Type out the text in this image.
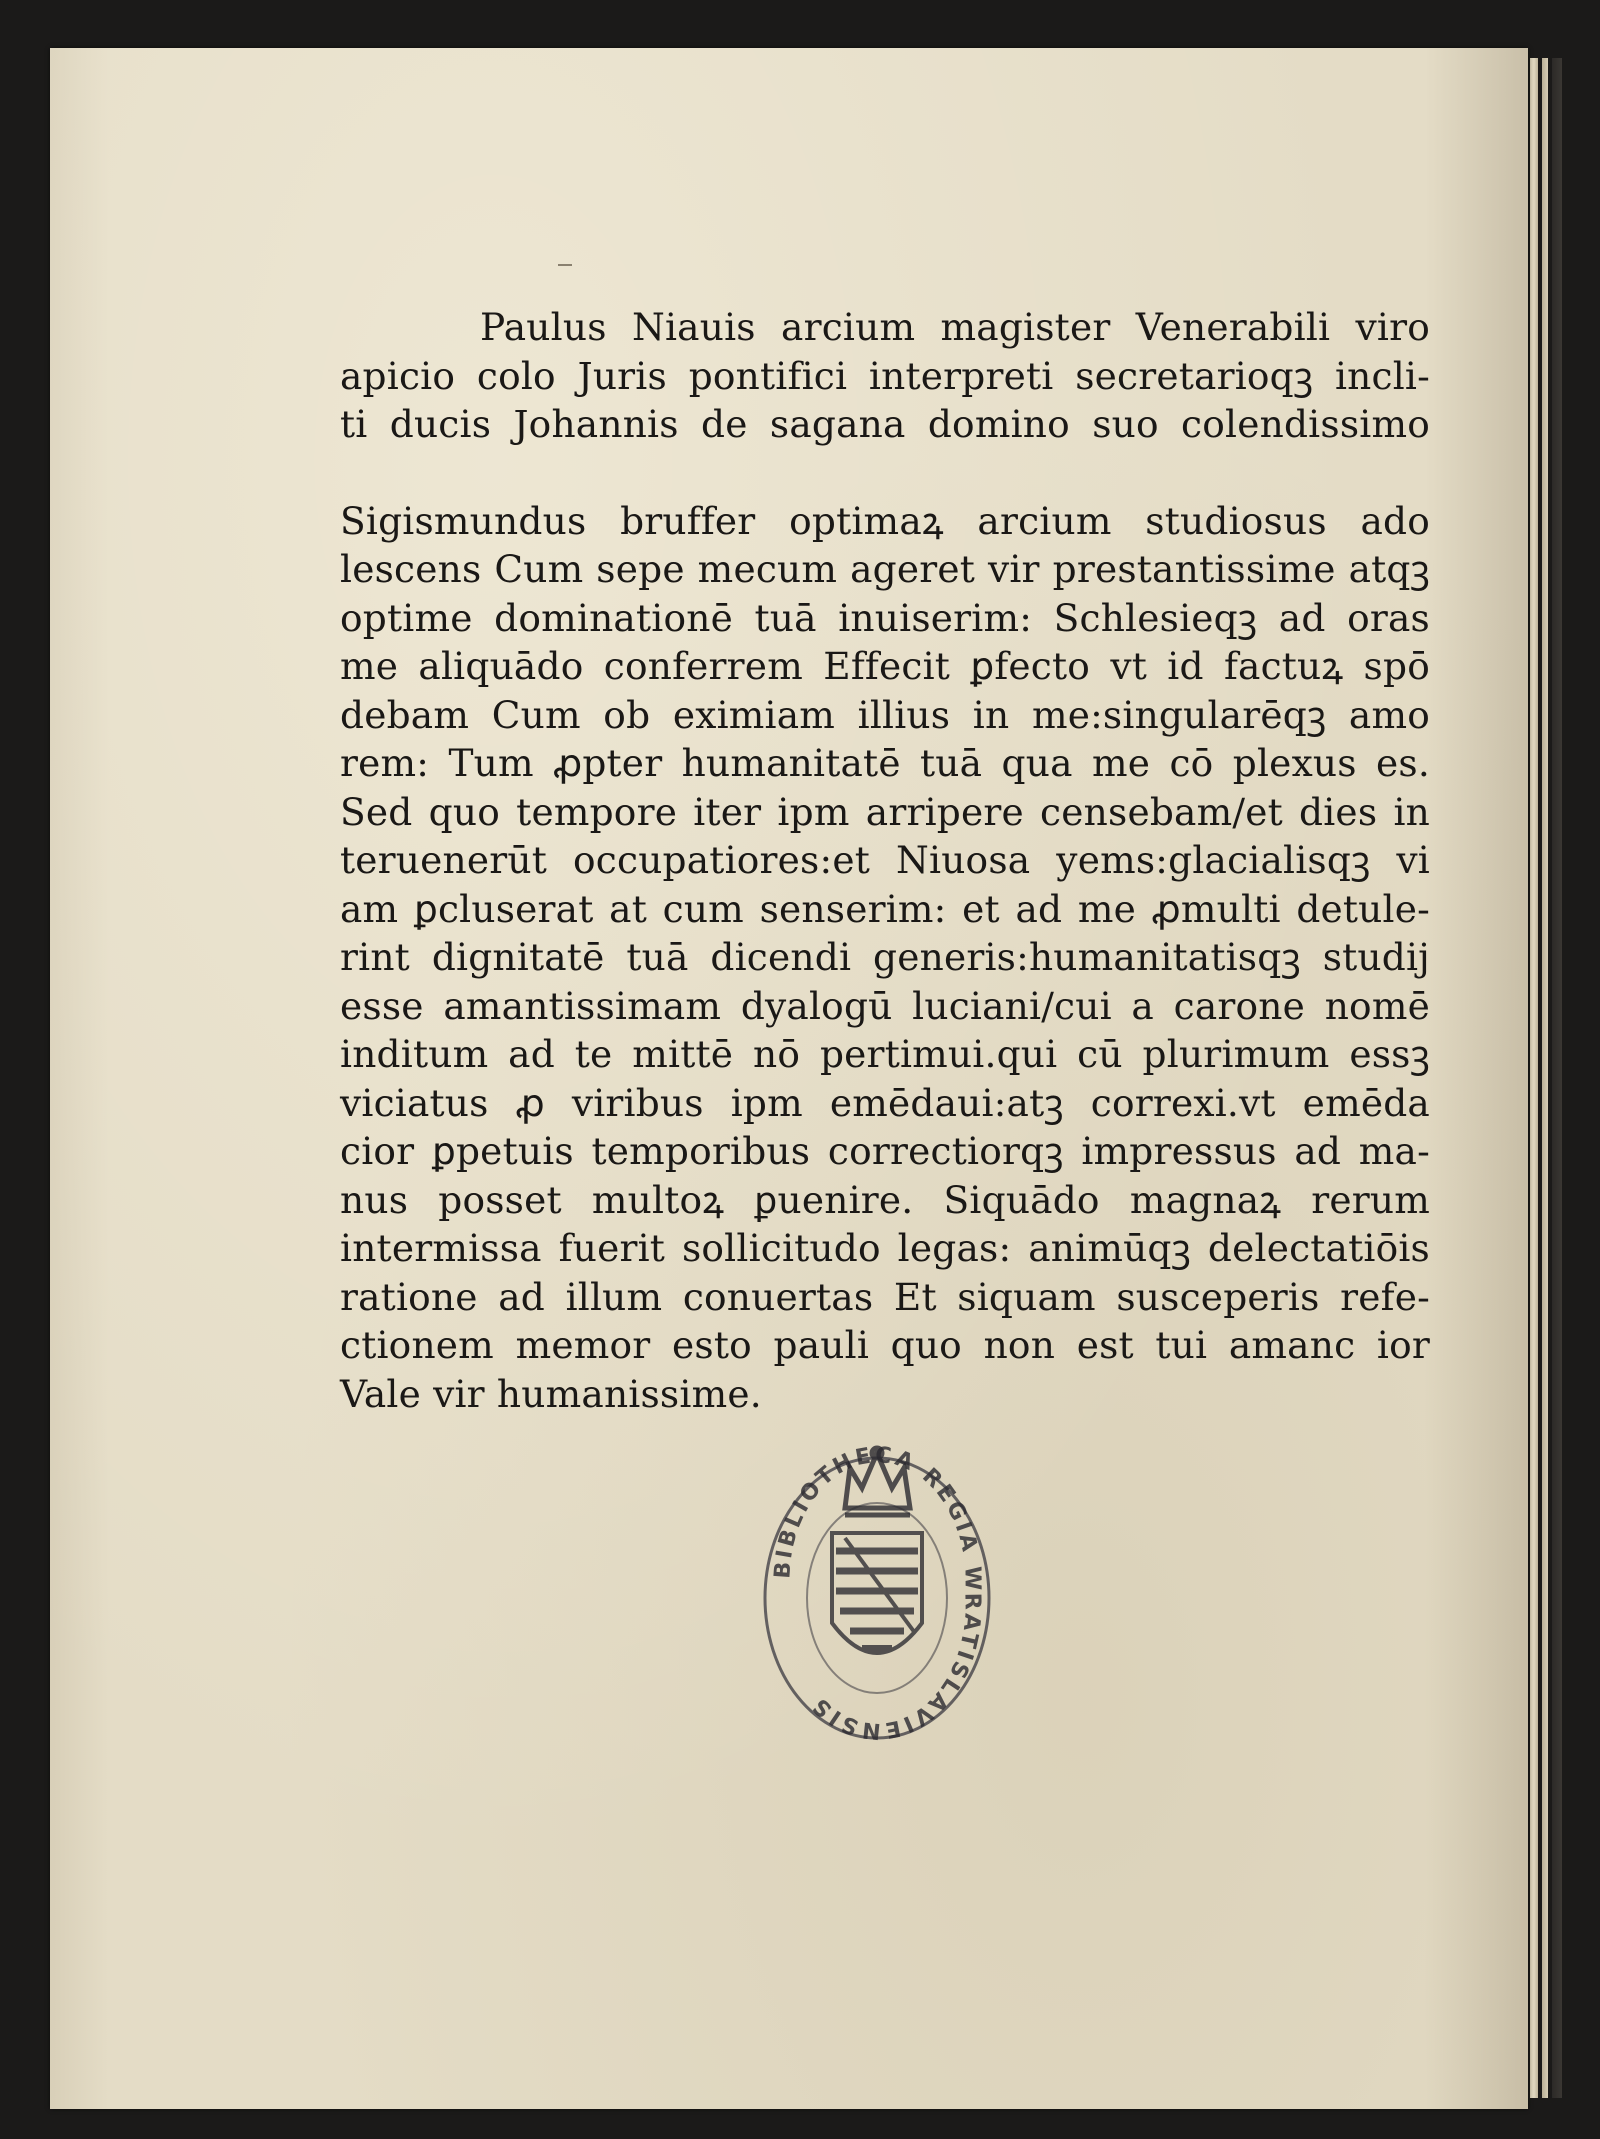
Paulus Niauis arcium magister Venerabili viro
apicio colo Juris pontifici interpreti secretarioqꝫ incli-
ti ducis Johannis de sagana domino suo colendissimo
Sigismundus bruffer optimaꝝ arcium studiosus ado
lescens Cum sepe mecum ageret vir prestantissime atqꝫ
optime dominationē tuā inuiserim: Schlesieqꝫ ad oras
me aliquādo conferrem Effecit ꝑfecto vt id factuꝝ spō
debam Cum ob eximiam illius in me:singularēqꝫ amo
rem: Tum ꝓpter humanitatē tuā qua me cō plexus es.
Sed quo tempore iter ipm arripere censebam/et dies in
teruenerūt occupatiores:et Niuosa yems:glacialisqꝫ vi
am ꝑcluserat at cum senserim: et ad me ꝓmulti detule-
rint dignitatē tuā dicendi generis:humanitatisqꝫ studij
esse amantissimam dyalogū luciani/cui a carone nomē
inditum ad te mittē nō pertimui.qui cū plurimum essꝫ
viciatus ꝓ viribus ipm emēdaui:atꝫ correxi.vt emēda
cior ꝑpetuis temporibus correctiorqꝫ impressus ad ma-
nus posset multoꝝ ꝑuenire. Siquādo magnaꝝ rerum
intermissa fuerit sollicitudo legas: animūqꝫ delectatiōis
ratione ad illum conuertas Et siquam susceperis refe-
ctionem memor esto pauli quo non est tui amanc ior
Vale vir humanissime.
BIBLIOTHECA REGIA WRATISLAVIENSIS
